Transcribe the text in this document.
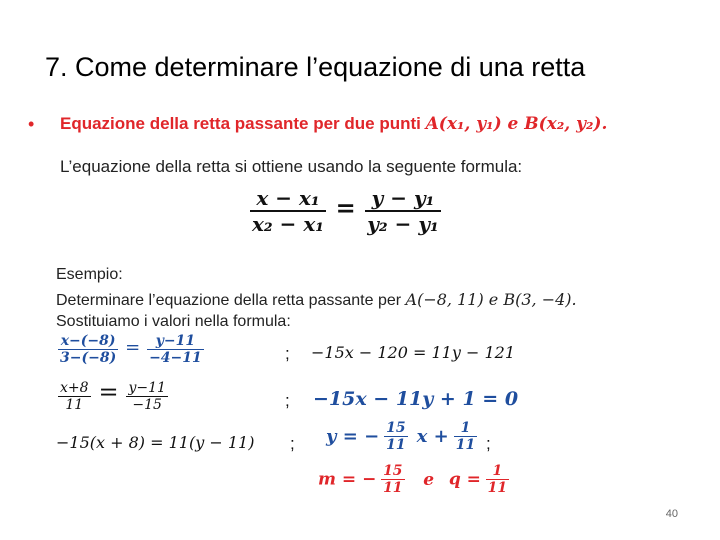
7. Come determinare l’equazione di una retta
• Equazione della retta passante per due punti A(x₁, y₁) e B(x₂, y₂).
L’equazione della retta si ottiene usando la seguente formula:
$\frac{\text{x − x₁}}{\text{x₂ − x₁}} = \frac{\text{y − y₁}}{\text{y₂ − y₁}}$
Esempio:
Determinare l’equazione della retta passante per A(−8, 11) e B(3, −4).
Sostituiamo i valori nella formula:
$\frac{x-(-8)}{3-(-8)} = \frac{y-11}{-4-11}$	; −15x − 120 = 11y − 121
$\frac{x+8}{11} = \frac{y-11}{-15}$	; −15x − 11y + 1 = 0
−15(x + 8) = 11(y − 11) ; y = − $\frac{15}{11}$ $x + \frac{1}{11}$ ;
m = − $\frac{15}{11}$ e $q = \frac{1}{11}$
40
